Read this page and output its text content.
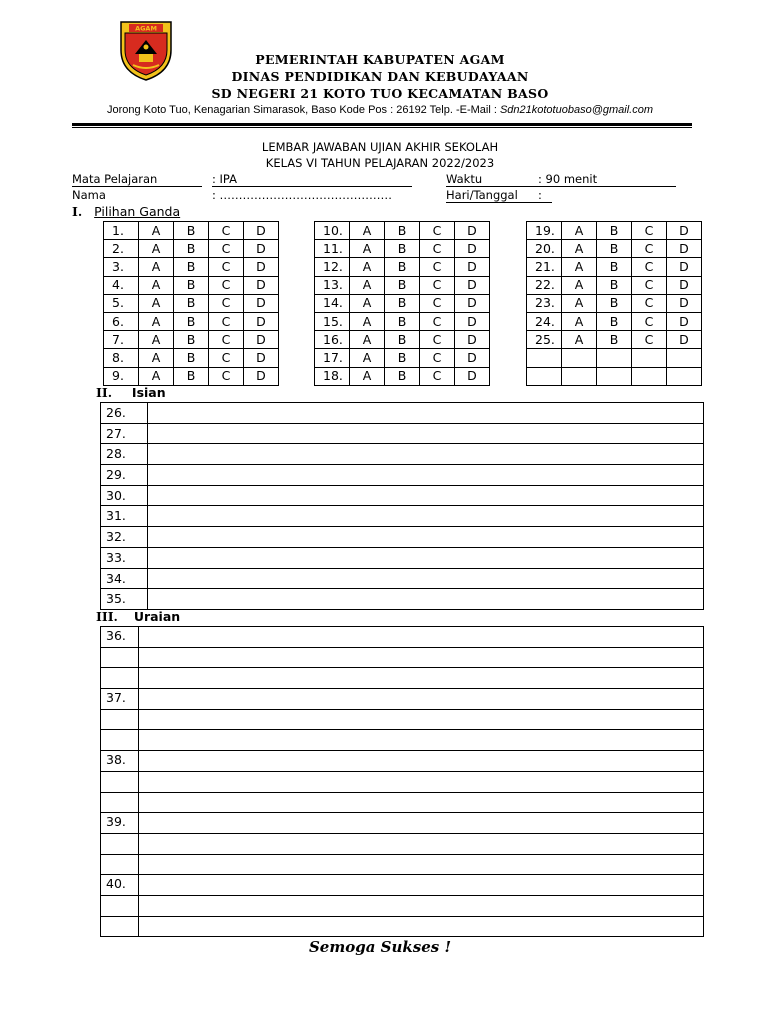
AGAM
PEMERINTAH KABUPATEN AGAM
DINAS PENDIDIKAN DAN KEBUDAYAAN
SD NEGERI 21 KOTO TUO KECAMATAN BASO
Jorong Koto Tuo, Kenagarian Simarasok, Baso Kode Pos : 26192 Telp. -E-Mail : Sdn21kototuobaso@gmail.com
LEMBAR JAWABAN UJIAN AKHIR SEKOLAH
KELAS VI TAHUN PELAJARAN 2022/2023
Mata Pelajaran	: IPA	Waktu	: 90 menit
Nama	: ………………………………………	Hari/Tanggal :
I. Pilihan Ganda
1.	A	B	C	D
2.	A	B	C	D
3.	A	B	C	D
4.	A	B	C	D
5.	A	B	C	D
6.	A	B	C	D
7.	A	B	C	D
8.	A	B	C	D
9.	A	B	C	D
10.	A	B	C	D
11.	A	B	C	D
12.	A	B	C	D
13.	A	B	C	D
14.	A	B	C	D
15.	A	B	C	D
16.	A	B	C	D
17.	A	B	C	D
18.	A	B	C	D
19.	A	B	C	D
20.	A	B	C	D
21.	A	B	C	D
22.	A	B	C	D
23.	A	B	C	D
24.	A	B	C	D
25.	A	B	C	D

II. Isian
26.	
27.	
28.	
29.	
30.	
31.	
32.	
33.	
34.	
35.	
III. Uraian
36.	

37.	

38.	

39.	

40.	

Semoga Sukses !
